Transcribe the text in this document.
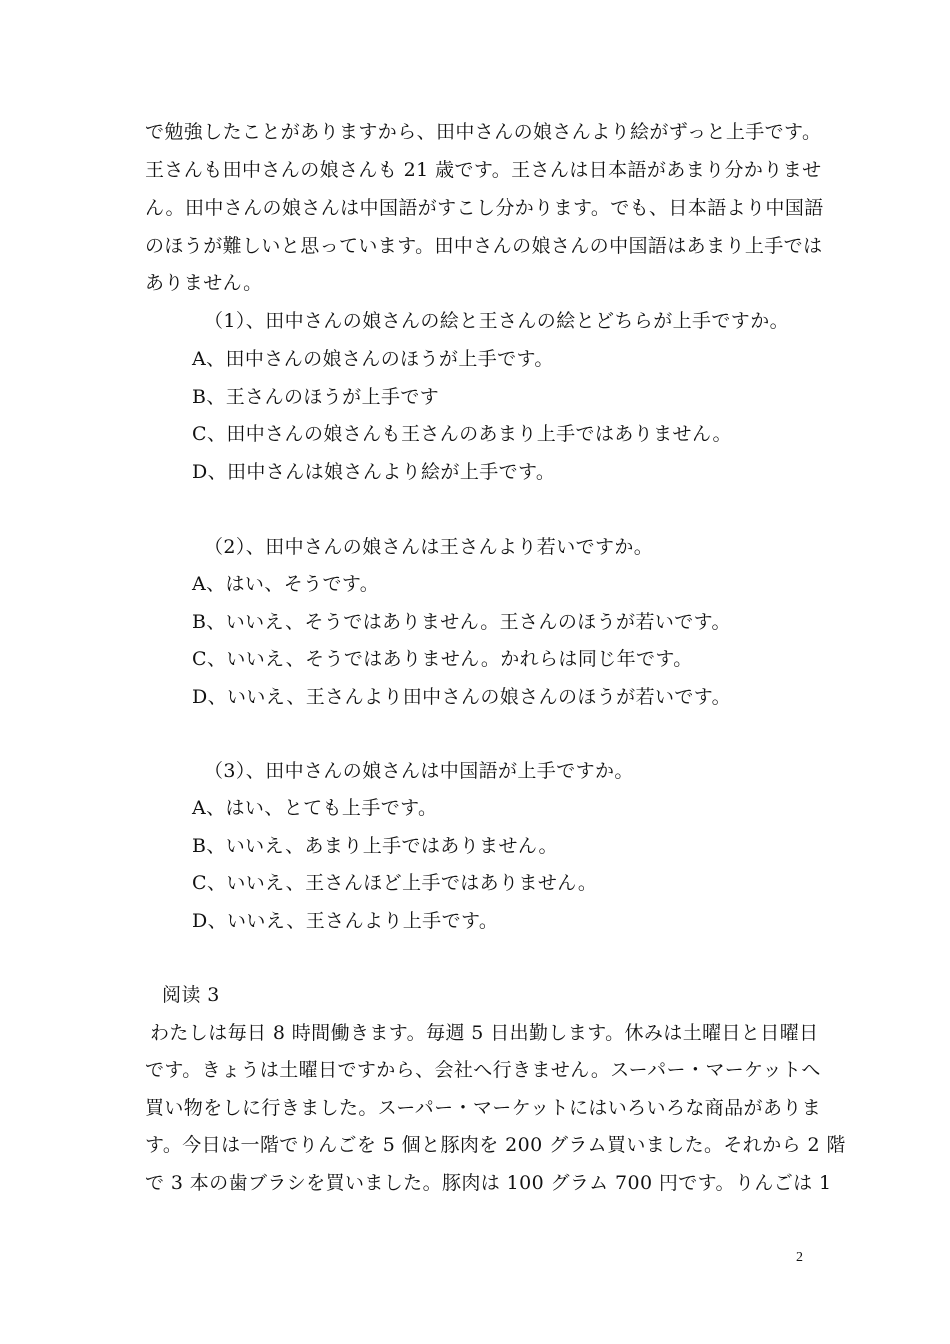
で勉強したことがありますから、田中さんの娘さんより絵がずっと上手です。
王さんも田中さんの娘さんも 21 歳です。王さんは日本語があまり分かりませ
ん。田中さんの娘さんは中国語がすこし分かります。でも、日本語より中国語
のほうが難しいと思っています。田中さんの娘さんの中国語はあまり上手では
ありません。
（1）、田中さんの娘さんの絵と王さんの絵とどちらが上手ですか。
A、田中さんの娘さんのほうが上手です。
B、王さんのほうが上手です
C、田中さんの娘さんも王さんのあまり上手ではありません。
D、田中さんは娘さんより絵が上手です。
（2）、田中さんの娘さんは王さんより若いですか。
A、はい、そうです。
B、いいえ、そうではありません。王さんのほうが若いです。
C、いいえ、そうではありません。かれらは同じ年です。
D、いいえ、王さんより田中さんの娘さんのほうが若いです。
（3）、田中さんの娘さんは中国語が上手ですか。
A、はい、とても上手です。
B、いいえ、あまり上手ではありません。
C、いいえ、王さんほど上手ではありません。
D、いいえ、王さんより上手です。
阅读 3
わたしは毎日 8 時間働きます。毎週 5 日出勤します。休みは土曜日と日曜日
です。きょうは土曜日ですから、会社へ行きません。スーパー・マーケットへ
買い物をしに行きました。スーパー・マーケットにはいろいろな商品がありま
す。今日は一階でりんごを 5 個と豚肉を 200 グラム買いました。それから 2 階
で 3 本の歯ブラシを買いました。豚肉は 100 グラム 700 円です。りんごは 1
2
